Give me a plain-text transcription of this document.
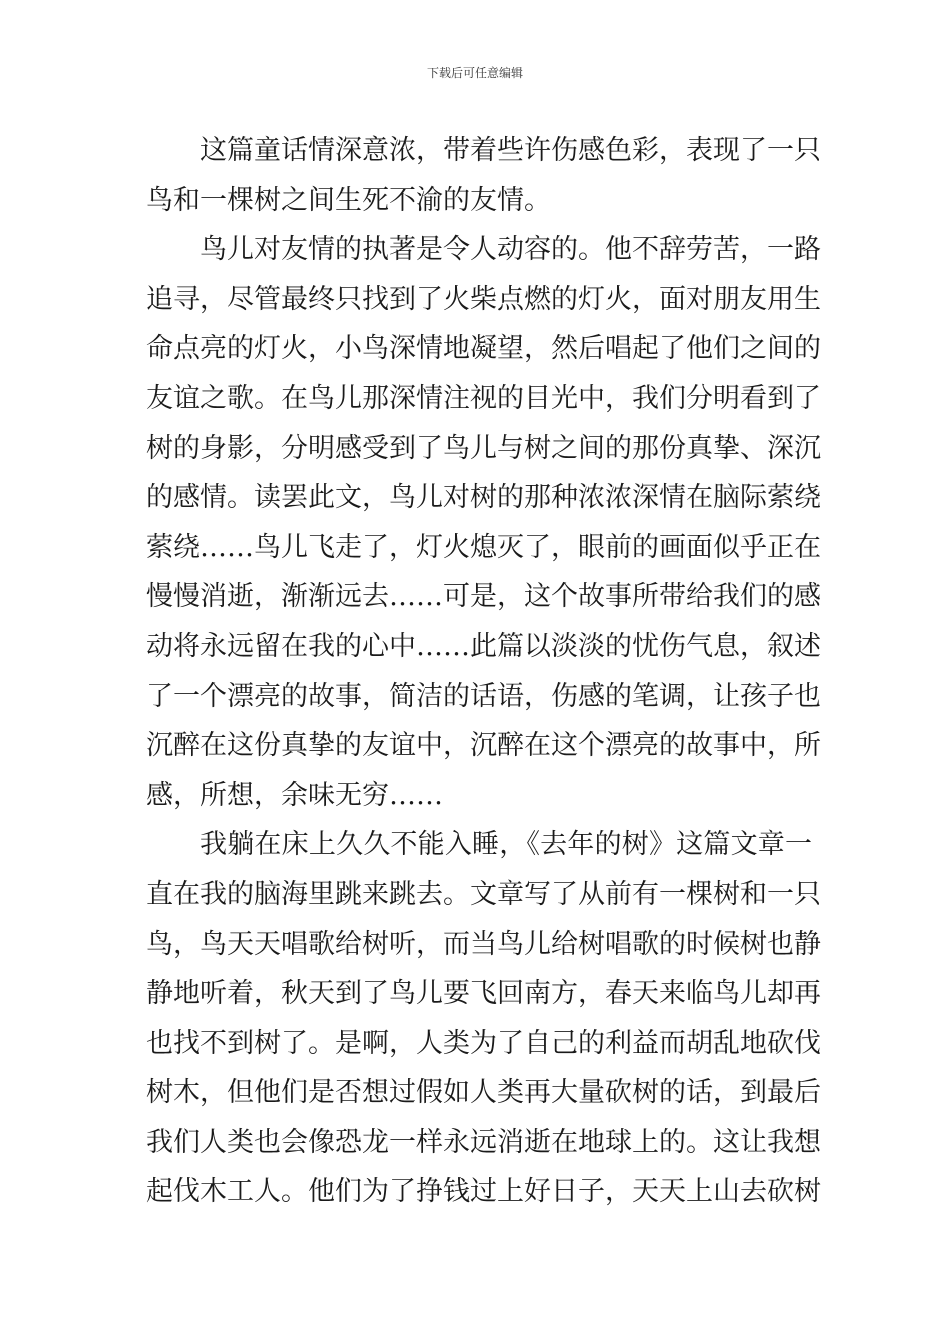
下载后可任意编辑
这篇童话情深意浓，带着些许伤感色彩，表现了一只
鸟和一棵树之间生死不渝的友情。
鸟儿对友情的执著是令人动容的。他不辞劳苦，一路
追寻，尽管最终只找到了火柴点燃的灯火，面对朋友用生
命点亮的灯火，小鸟深情地凝望，然后唱起了他们之间的
友谊之歌。在鸟儿那深情注视的目光中，我们分明看到了
树的身影，分明感受到了鸟儿与树之间的那份真挚、深沉
的感情。读罢此文，鸟儿对树的那种浓浓深情在脑际萦绕
萦绕……鸟儿飞走了，灯火熄灭了，眼前的画面似乎正在
慢慢消逝，渐渐远去……可是，这个故事所带给我们的感
动将永远留在我的心中……此篇以淡淡的忧伤气息，叙述
了一个漂亮的故事，简洁的话语，伤感的笔调，让孩子也
沉醉在这份真挚的友谊中，沉醉在这个漂亮的故事中，所
感，所想，余味无穷……
我躺在床上久久不能入睡，《去年的树》这篇文章一
直在我的脑海里跳来跳去。文章写了从前有一棵树和一只
鸟，鸟天天唱歌给树听，而当鸟儿给树唱歌的时候树也静
静地听着，秋天到了鸟儿要飞回南方，春天来临鸟儿却再
也找不到树了。是啊，人类为了自己的利益而胡乱地砍伐
树木，但他们是否想过假如人类再大量砍树的话，到最后
我们人类也会像恐龙一样永远消逝在地球上的。这让我想
起伐木工人。他们为了挣钱过上好日子，天天上山去砍树
